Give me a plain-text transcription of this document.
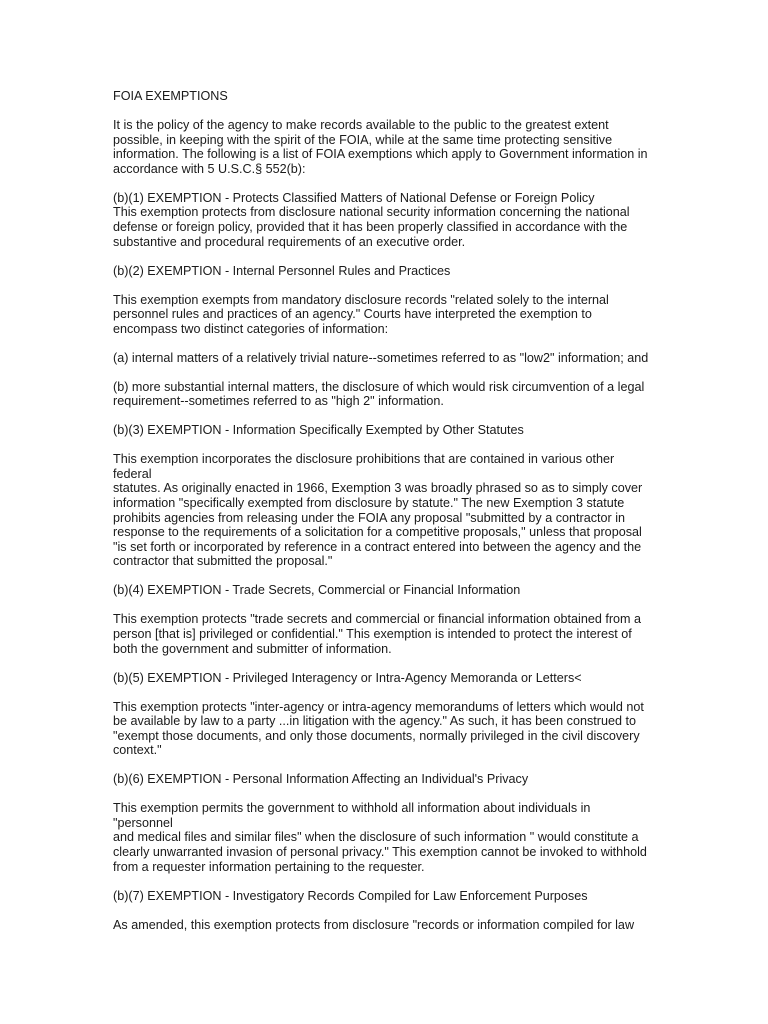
FOIA EXEMPTIONS

It is the policy of the agency to make records available to the public to the greatest extent
possible, in keeping with the spirit of the FOIA, while at the same time protecting sensitive
information. The following is a list of FOIA exemptions which apply to Government information in
accordance with 5 U.S.C.§ 552(b):

(b)(1) EXEMPTION - Protects Classified Matters of National Defense or Foreign Policy

This exemption protects from disclosure national security information concerning the national
defense or foreign policy, provided that it has been properly classified in accordance with the
substantive and procedural requirements of an executive order.

(b)(2) EXEMPTION - Internal Personnel Rules and Practices

This exemption exempts from mandatory disclosure records "related solely to the internal
personnel rules and practices of an agency." Courts have interpreted the exemption to
encompass two distinct categories of information:

(a) internal matters of a relatively trivial nature--sometimes referred to as "low2" information; and

(b) more substantial internal matters, the disclosure of which would risk circumvention of a legal
requirement--sometimes referred to as "high 2" information.

(b)(3) EXEMPTION - Information Specifically Exempted by Other Statutes

This exemption incorporates the disclosure prohibitions that are contained in various other federal
statutes. As originally enacted in 1966, Exemption 3 was broadly phrased so as to simply cover
information "specifically exempted from disclosure by statute." The new Exemption 3 statute
prohibits agencies from releasing under the FOIA any proposal "submitted by a contractor in
response to the requirements of a solicitation for a competitive proposals," unless that proposal
"is set forth or incorporated by reference in a contract entered into between the agency and the
contractor that submitted the proposal."

(b)(4) EXEMPTION - Trade Secrets, Commercial or Financial Information

This exemption protects "trade secrets and commercial or financial information obtained from a
person [that is] privileged or confidential." This exemption is intended to protect the interest of
both the government and submitter of information.

(b)(5) EXEMPTION - Privileged Interagency or Intra-Agency Memoranda or Letters<

This exemption protects "inter-agency or intra-agency memorandums of letters which would not
be available by law to a party ...in litigation with the agency." As such, it has been construed to
"exempt those documents, and only those documents, normally privileged in the civil discovery
context."

(b)(6) EXEMPTION - Personal Information Affecting an Individual's Privacy

This exemption permits the government to withhold all information about individuals in "personnel
and medical files and similar files" when the disclosure of such information " would constitute a
clearly unwarranted invasion of personal privacy." This exemption cannot be invoked to withhold
from a requester information pertaining to the requester.

(b)(7) EXEMPTION - Investigatory Records Compiled for Law Enforcement Purposes

As amended, this exemption protects from disclosure "records or information compiled for law
